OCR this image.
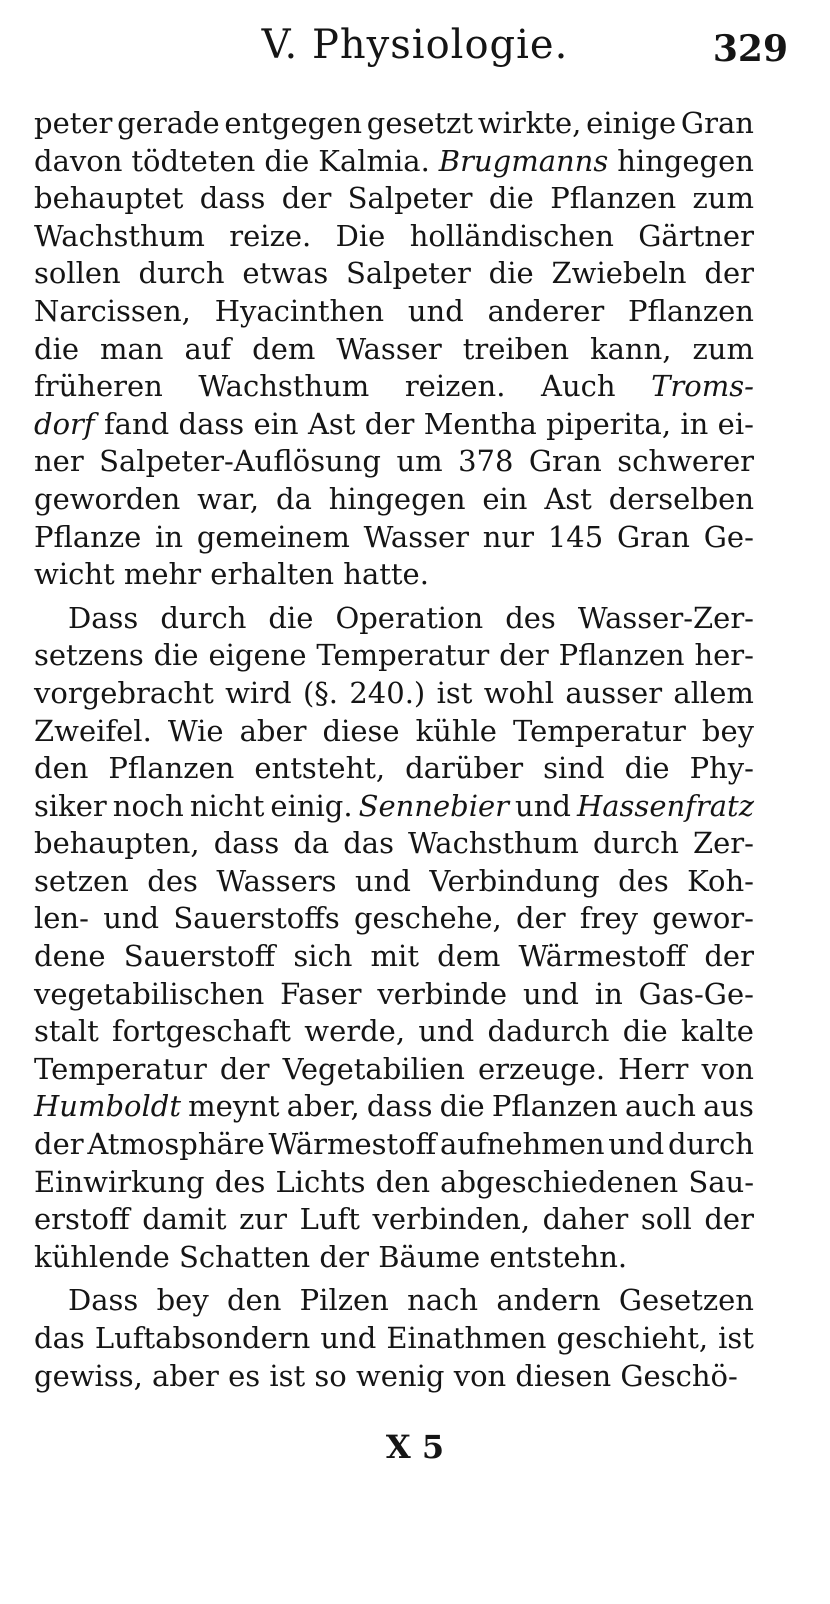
V. Physiologie.	329
peter gerade entgegen gesetzt wirkte, einige Gran
davon tödteten die Kalmia. Brugmanns hingegen
behauptet dass der Salpeter die Pflanzen zum
Wachsthum reize. Die holländischen Gärtner
sollen durch etwas Salpeter die Zwiebeln der
Narcissen, Hyacinthen und anderer Pflanzen
die man auf dem Wasser treiben kann, zum
früheren Wachsthum reizen. Auch Troms-
dorf fand dass ein Ast der Mentha piperita, in ei-
ner Salpeter-Auflösung um 378 Gran schwerer
geworden war, da hingegen ein Ast derselben
Pflanze in gemeinem Wasser nur 145 Gran Ge-
wicht mehr erhalten hatte.
Dass durch die Operation des Wasser-Zer-
setzens die eigene Temperatur der Pflanzen her-
vorgebracht wird (§. 240.) ist wohl ausser allem
Zweifel. Wie aber diese kühle Temperatur bey
den Pflanzen entsteht, darüber sind die Phy-
siker noch nicht einig. Sennebier und Hassenfratz
behaupten, dass da das Wachsthum durch Zer-
setzen des Wassers und Verbindung des Koh-
len- und Sauerstoffs geschehe, der frey gewor-
dene Sauerstoff sich mit dem Wärmestoff der
vegetabilischen Faser verbinde und in Gas-Ge-
stalt fortgeschaft werde, und dadurch die kalte
Temperatur der Vegetabilien erzeuge. Herr von
Humboldt meynt aber, dass die Pflanzen auch aus
der Atmosphäre Wärmestoff aufnehmen und durch
Einwirkung des Lichts den abgeschiedenen Sau-
erstoff damit zur Luft verbinden, daher soll der
kühlende Schatten der Bäume entstehn.
Dass bey den Pilzen nach andern Gesetzen
das Luftabsondern und Einathmen geschieht, ist
gewiss, aber es ist so wenig von diesen Geschö-
X 5
